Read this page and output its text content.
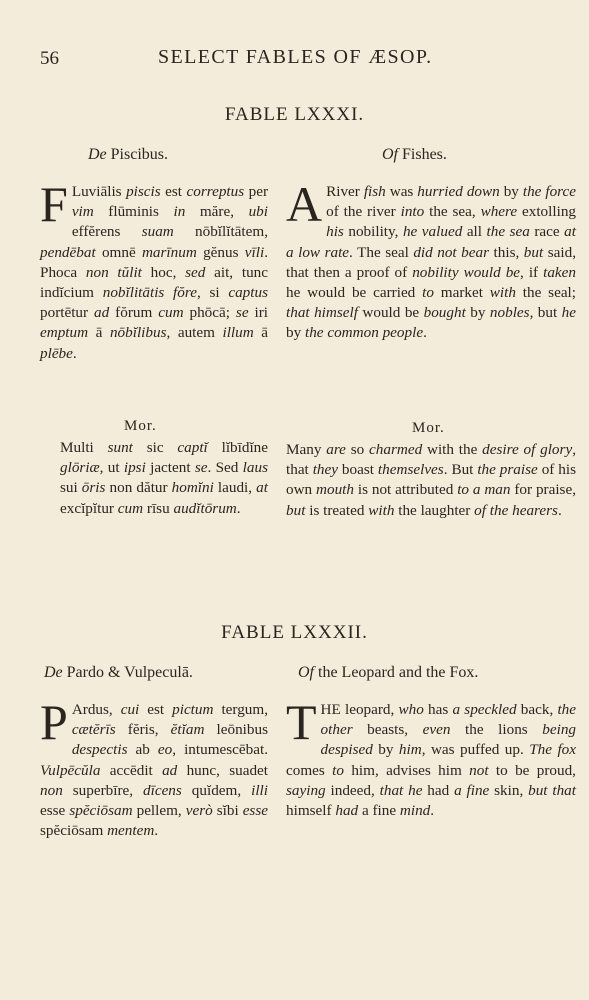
56	SELECT FABLES OF ÆSOP.
FABLE LXXXI.
De Piscibus.	Of Fishes.
F Luviālis piscis est correptus per vim flūminis in măre, ubi effĕrens suam nōbĭlĭtātem, pendēbat omnē marīnum gĕnus vīli. Phoca non tŭlit hoc, sed ait, tunc indĭcium nobĭlitātis fŏre, si captus portētur ad fŏrum cum phōcā; se iri emptum ā nōbĭlibus, autem illum ā plēbe.
A River fish was hurried down by the force of the river into the sea, where extolling his nobility, he valued all the sea race at a low rate. The seal did not bear this, but said, that then a proof of nobility would be, if taken he would be carried to market with the seal; that himself would be bought by nobles, but he by the common people.
Mor.	Mor.
Multi sunt sic captĭ lĭbīdĭne glōriæ, ut ipsi jactent se. Sed laus sui ōris non dătur homĭni laudi, at excĭpĭtur cum rīsu audĭtōrum.
Many are so charmed with the desire of glory, that they boast themselves. But the praise of his own mouth is not attributed to a man for praise, but is treated with the laughter of the hearers.
FABLE LXXXII.
De Pardo & Vulpeculā.	Of the Leopard and the Fox.
P Ardus, cui est pictum tergum, cætĕrīs fĕris, ĕtĭam leōnibus despectis ab eo, intumescēbat. Vulpēcŭla accēdit ad hunc, suadet non superbīre, dīcens quĭdem, illi esse spĕciōsam pellem, verò sĭbi esse spĕciōsam mentem.
T HE leopard, who has a speckled back, the other beasts, even the lions being despised by him, was puffed up. The fox comes to him, advises him not to be proud, saying indeed, that he had a fine skin, but that himself had a fine mind.
